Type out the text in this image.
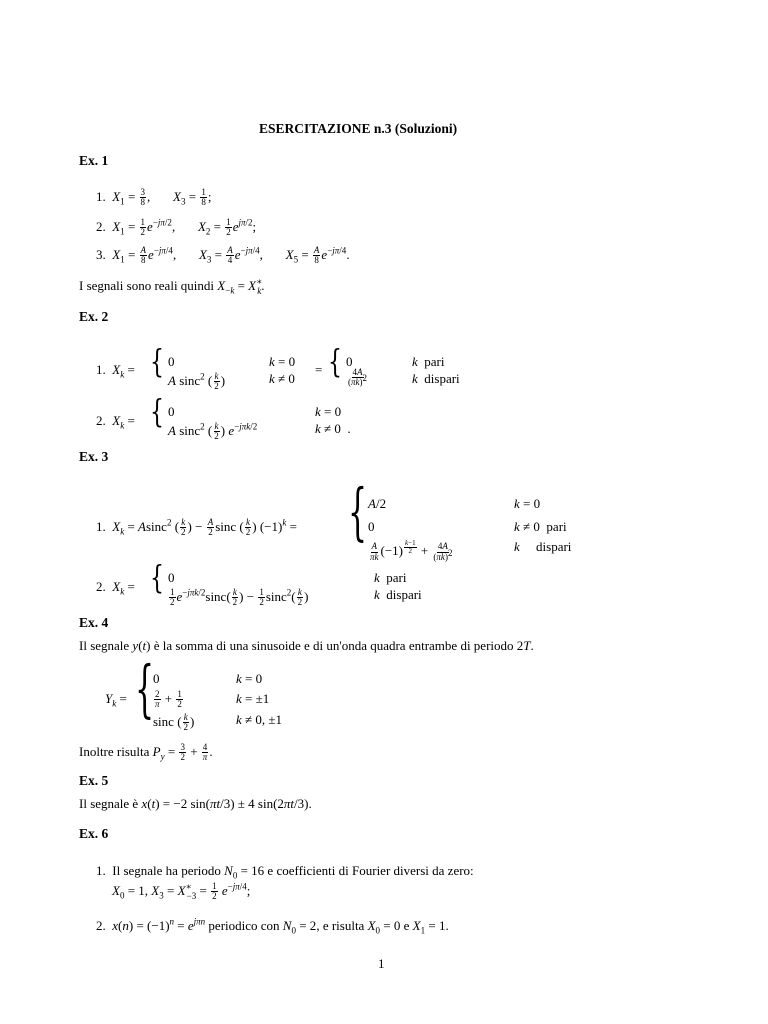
ESERCITAZIONE n.3 (Soluzioni)
Ex. 1
1. $X_1 = \frac{3}{8}$ ,       $X_3 = \frac{1}{8}$ ;
2. $X_1 = \frac{1}{2} e^{-j\pi/2}$,       $X_2 = \frac{1}{2} e^{j\pi/2}$;
3. $X_1 = \frac{A}{8} e^{-j\pi/4}$,       $X_3 = \frac{A}{4} e^{-j\pi/4}$,       $X_5 = \frac{A}{8} e^{-j\pi/4}$.
I segnali sono reali quindi $X_{-k} = X^∗_k$.
Ex. 2
1. $X_k$ = { 0
A sinc$^2$ ( $\frac{k}{2}$ )
k = 0
k ≠ 0
= { 0
$\frac{4A}{(\pi k)^2}$
k pari
k dispari
2. $X_k$ = { 0
A sinc$^2$ ( $\frac{k}{2}$ ) $e^{-j\pi k/2}$
k = 0
k ≠ 0  .
Ex. 3
1. $X_k = Asinc^2$ ( $\frac{k}{2}$ ) − $\frac{A}{2}$ sinc ( $\frac{k}{2}$ ) $(-1)^k$ = { A/2
0
$\frac{A}{\pi k} (-1) ^{\frac{k-1}{2}} + \frac{4A}{(\pi k)^2}$
k = 0
k ≠ 0  pari
k dispari
2. $X_k$ = { 0
$\frac{1}{2} e^{-j\pi k/2}\sin c( \frac{k}{2}$ ) − $\frac{1}{2} \sin c^2( \frac{k}{2}$ )
k pari
k dispari
Ex. 4
Il segnale y(t) è la somma di una sinusoide e di un'onda quadra entrambe di periodo 2T.
$Y_k$ = {
0
$\frac{2}{\pi} + \frac{1}{2}$
sinc ( $\frac{k}{2}$ )
k = 0
k = ±1
k ≠ 0, ±1
Inoltre risulta $P_y = \frac{3}{2} + \frac{4}{\pi}$ .
Ex. 5
Il segnale è x(t) = −2 sin(πt/3) ± 4 sin(2πt/3).
Ex. 6
1. Il segnale ha periodo $N_0 = 16$ e coefficienti di Fourier diversi da zero:
$X_0 = 1$, $X_3 = X^∗_{-3} = \frac{1}{2} e^{-j\pi/4}$;
2. $x(n) = (-1)^n = e^{j\pi n}$ periodico con $N_0 = 2$, e risulta $X_0 = 0$ e $X_1 = 1$.
1
